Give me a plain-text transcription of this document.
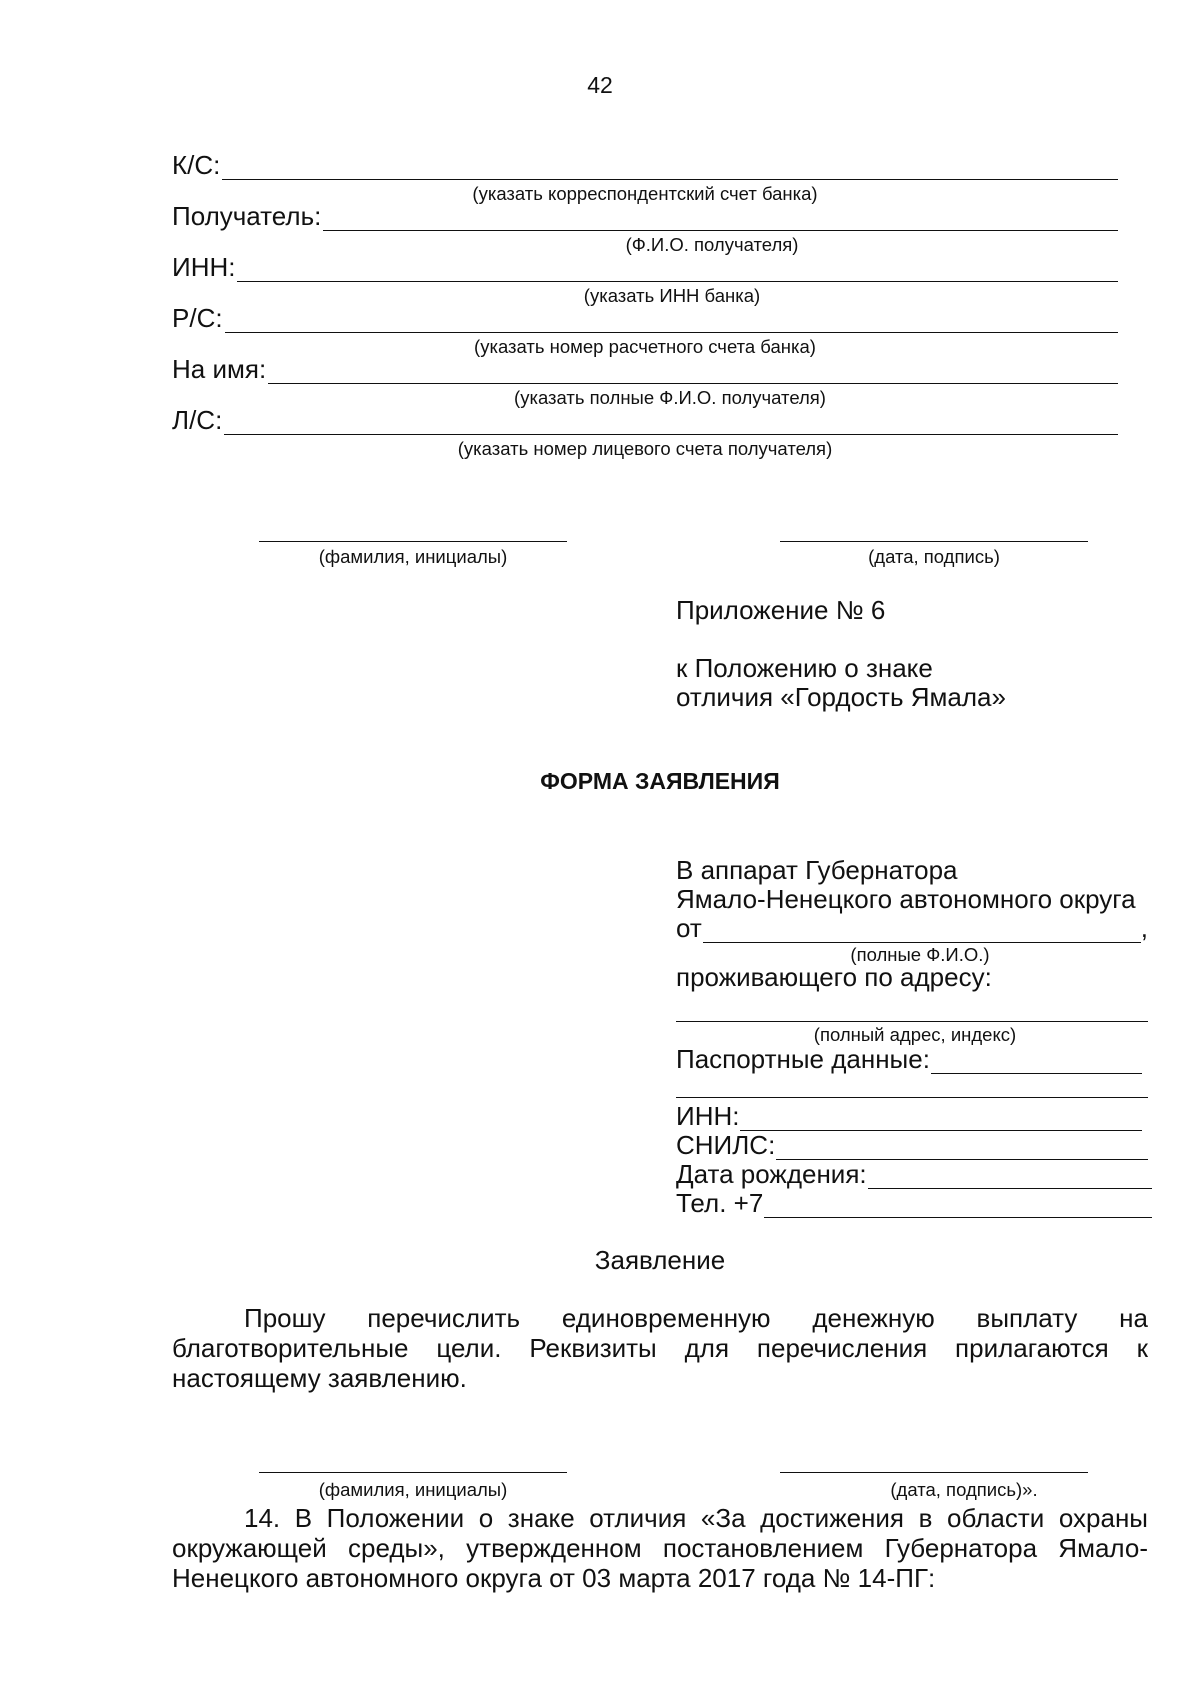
42
К/С:
(указать корреспондентский счет банка)
Получатель:
(Ф.И.О. получателя)
ИНН:
(указать ИНН банка)
Р/С:
(указать номер расчетного счета банка)
На имя:
(указать полные Ф.И.О. получателя)
Л/С:
(указать номер лицевого счета получателя)
(фамилия, инициалы)	(дата, подпись)
Приложение № 6
к Положению о знаке
отличия «Гордость Ямала»
ФОРМА ЗАЯВЛЕНИЯ
В аппарат Губернатора
Ямало-Ненецкого автономного округа
от	,
(полные Ф.И.О.)
проживающего по адресу:
(полный адрес, индекс)
Паспортные данные:
ИНН:
СНИЛС:
Дата рождения:
Тел. +7
Заявление
Прошу перечислить единовременную денежную выплату на благотворительные цели. Реквизиты для перечисления прилагаются к настоящему заявлению.
(фамилия, инициалы)	(дата, подпись)».
14. В Положении о знаке отличия «За достижения в области охраны окружающей среды», утвержденном постановлением Губернатора Ямало-Ненецкого автономного округа от 03 марта 2017 года № 14-ПГ:
